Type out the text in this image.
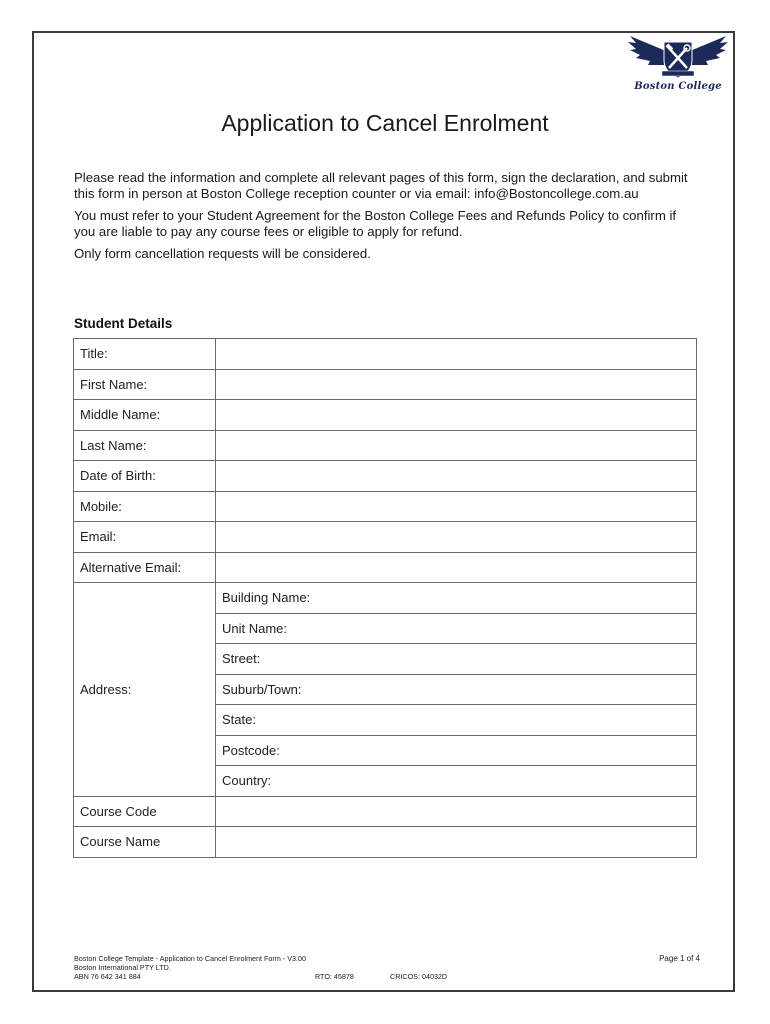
Boston College
Application to Cancel Enrolment

Please read the information and complete all relevant pages of this form, sign the declaration, and submit this form in person at Boston College reception counter or via email: info@Bostoncollege.com.au

You must refer to your Student Agreement for the Boston College Fees and Refunds Policy to confirm if you are liable to pay any course fees or eligible to apply for refund.

Only form cancellation requests will be considered.

Student Details
Title:	
First Name:	
Middle Name:	
Last Name:	
Date of Birth:	
Mobile:	
Email:	
Alternative Email:	
Address:	Building Name:
	Unit Name:
	Street:
	Suburb/Town:
	State:
	Postcode:
	Country:
Course Code	
Course Name	
Boston College Template - Application to Cancel Enrolment Form - V3.00	Page 1 of 4
Boston International PTY LTD.
ABN 76 642 341 884	RTO: 45878	CRICOS: 04032D
